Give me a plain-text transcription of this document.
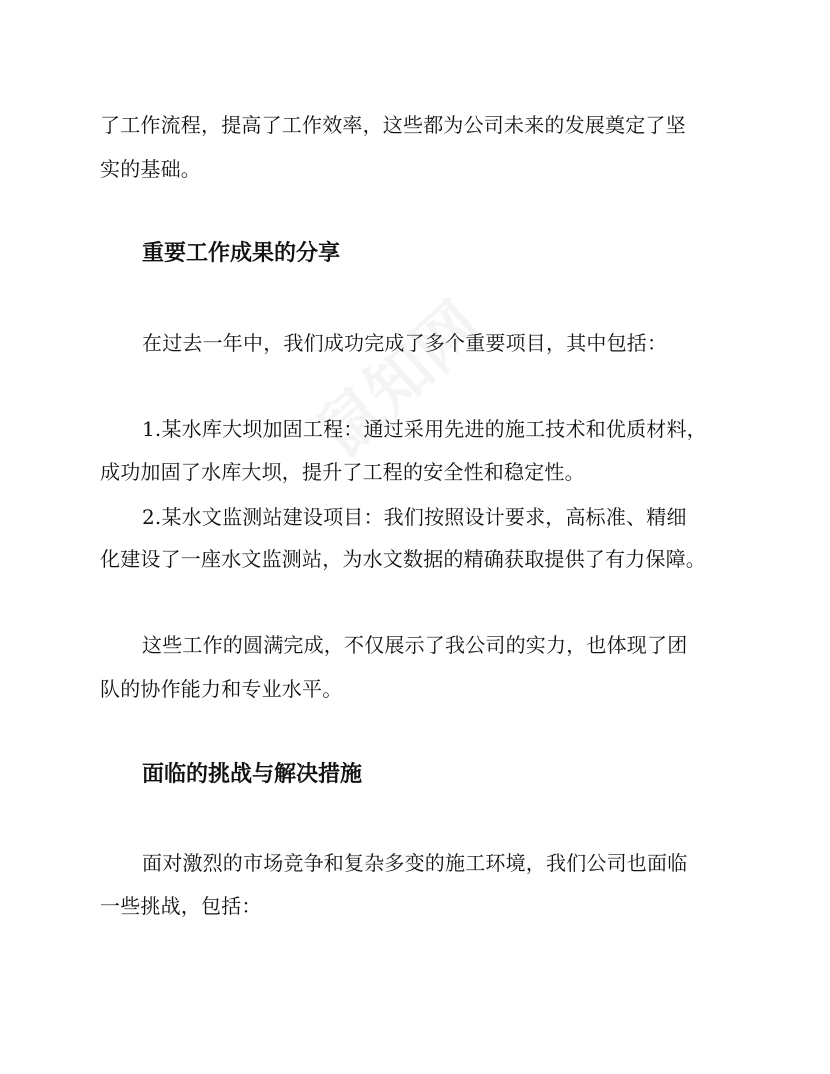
了工作流程，提高了工作效率，这些都为公司未来的发展奠定了坚
实的基础。
重要工作成果的分享
在过去一年中，我们成功完成了多个重要项目，其中包括：
1.某水库大坝加固工程：通过采用先进的施工技术和优质材料，
成功加固了水库大坝，提升了工程的安全性和稳定性。
2.某水文监测站建设项目：我们按照设计要求，高标准、精细
化建设了一座水文监测站，为水文数据的精确获取提供了有力保障。
这些工作的圆满完成，不仅展示了我公司的实力，也体现了团
队的协作能力和专业水平。
面临的挑战与解决措施
面对激烈的市场竞争和复杂多变的施工环境，我们公司也面临
一些挑战，包括：
